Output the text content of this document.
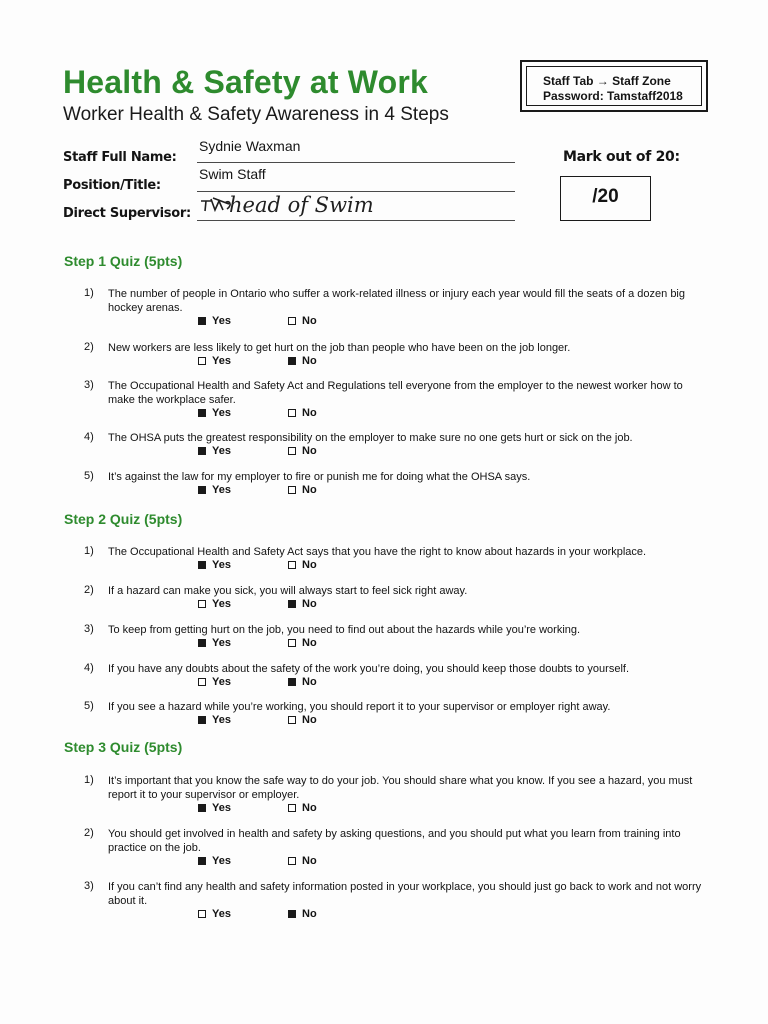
Health & Safety at Work
Worker Health & Safety Awareness in 4 Steps
Staff Tab → Staff Zone
Password: Tamstaff2018
Staff Full Name:
Sydnie Waxman
Position/Title:
Swim Staff
Direct Supervisor: head of Swim
Mark out of 20:
/20
Step 1 Quiz (5pts)
1) The number of people in Ontario who suffer a work-related illness or injury each year would fill the seats of a dozen big hockey arenas.
Yes	No
2) New workers are less likely to get hurt on the job than people who have been on the job longer.
Yes	No
3) The Occupational Health and Safety Act and Regulations tell everyone from the employer to the newest worker how to make the workplace safer.
Yes	No
4) The OHSA puts the greatest responsibility on the employer to make sure no one gets hurt or sick on the job.
Yes	No
5) It’s against the law for my employer to fire or punish me for doing what the OHSA says.
Yes	No
Step 2 Quiz (5pts)
1) The Occupational Health and Safety Act says that you have the right to know about hazards in your workplace.
Yes	No
2) If a hazard can make you sick, you will always start to feel sick right away.
Yes	No
3) To keep from getting hurt on the job, you need to find out about the hazards while you’re working.
Yes	No
4) If you have any doubts about the safety of the work you’re doing, you should keep those doubts to yourself.
Yes	No
5) If you see a hazard while you’re working, you should report it to your supervisor or employer right away.
Yes	No
Step 3 Quiz (5pts)
1) It’s important that you know the safe way to do your job. You should share what you know. If you see a hazard, you must report it to your supervisor or employer.
Yes	No
2) You should get involved in health and safety by asking questions, and you should put what you learn from training into practice on the job.
Yes	No
3) If you can’t find any health and safety information posted in your workplace, you should just go back to work and not worry about it.
Yes	No
